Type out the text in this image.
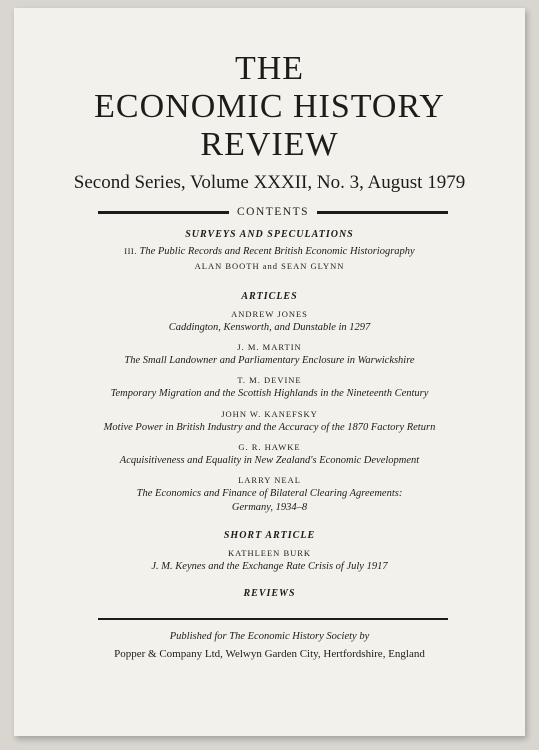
THE
ECONOMIC HISTORY
REVIEW
Second Series, Volume XXXII, No. 3, August 1979
CONTENTS
SURVEYS AND SPECULATIONS
III. The Public Records and Recent British Economic Historiography
ALAN BOOTH and SEAN GLYNN
ARTICLES
ANDREW JONES
Caddington, Kensworth, and Dunstable in 1297
J. M. MARTIN
The Small Landowner and Parliamentary Enclosure in Warwickshire
T. M. DEVINE
Temporary Migration and the Scottish Highlands in the Nineteenth Century
JOHN W. KANEFSKY
Motive Power in British Industry and the Accuracy of the 1870 Factory Return
G. R. HAWKE
Acquisitiveness and Equality in New Zealand's Economic Development
LARRY NEAL
The Economics and Finance of Bilateral Clearing Agreements:
Germany, 1934–8
SHORT ARTICLE
KATHLEEN BURK
J. M. Keynes and the Exchange Rate Crisis of July 1917
REVIEWS
Published for The Economic History Society by
Popper & Company Ltd, Welwyn Garden City, Hertfordshire, England
